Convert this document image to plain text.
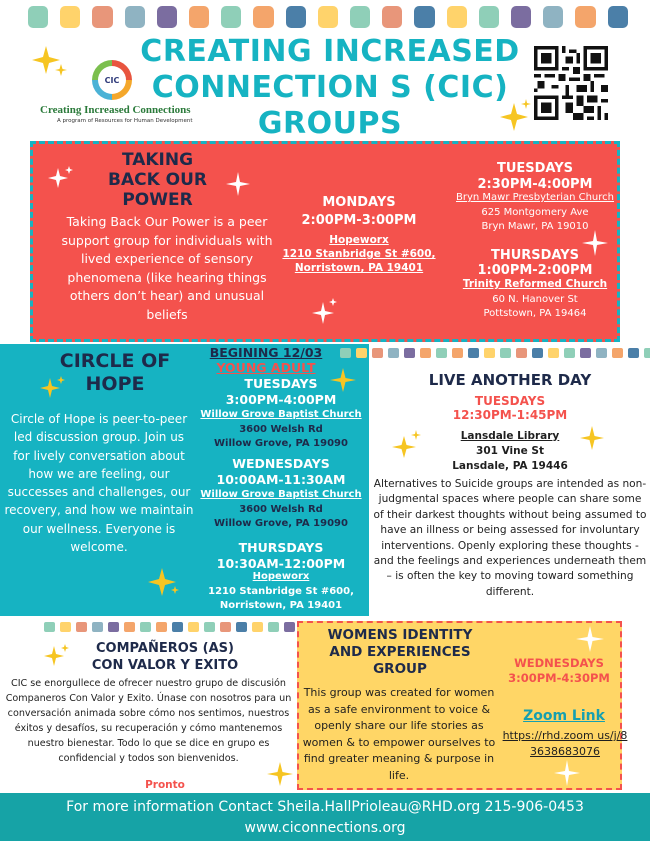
CIC
Creating Increased Connections
A program of Resources for Human Development
CREATING INCREASED
CONNECTION S (CIC)
GROUPS
TAKING
BACK OUR
POWER
Taking Back Our Power is a peer support group for individuals with lived experience of sensory phenomena (like hearing things others don’t hear) and unusual beliefs
MONDAYS
2:00PM-3:00PM
Hopeworx
1210 Stanbridge St #600, Norristown, PA 19401
TUESDAYS
2:30PM-4:00PM
Bryn Mawr Presbyterian Church
625 Montgomery Ave
Bryn Mawr, PA 19010
THURSDAYS
1:00PM-2:00PM
Trinity Reformed Church
60 N. Hanover St
Pottstown, PA 19464
CIRCLE OF
HOPE
Circle of Hope is peer-to-peer led discussion group. Join us for lively conversation about how we are feeling, our successes and challenges, our recovery, and how we maintain our wellness. Everyone is welcome.
BEGINING 12/03
YOUNG ADULT
TUESDAYS
3:00PM-4:00PM
Willow Grove Baptist Church
3600 Welsh Rd
Willow Grove, PA 19090
WEDNESDAYS
10:00AM-11:30AM
Willow Grove Baptist Church
3600 Welsh Rd
Willow Grove, PA 19090
THURSDAYS
10:30AM-12:00PM
Hopeworx
1210 Stanbridge St #600,
Norristown, PA 19401
LIVE ANOTHER DAY
TUESDAYS
12:30PM-1:45PM
Lansdale Library
301 Vine St
Lansdale, PA 19446
Alternatives to Suicide groups are intended as non-judgmental spaces where people can share some of their darkest thoughts without being assumed to have an illness or being assessed for involuntary interventions. Openly exploring these thoughts - and the feelings and experiences underneath them – is often the key to moving toward something different.
COMPAÑEROS (AS)
CON VALOR Y EXITO
CIC se enorgullece de ofrecer nuestro grupo de discusión Companeros Con Valor y Exito. Únase con nosotros para un conversación animada sobre cómo nos sentimos, nuestros éxitos y desafíos, su recuperación y cómo mantenemos nuestro bienestar. Todo lo que se dice en grupo es confidencial y todos son bienvenidos.
Pronto
WOMENS IDENTITY
AND EXPERIENCES
GROUP
This group was created for women as a safe environment to voice & openly share our life stories as women & to empower ourselves to find greater meaning & purpose in life.
WEDNESDAYS
3:00PM-4:30PM
Zoom Link
https://rhd.zoom us/j/83638683076
For more information Contact Sheila.HallPrioleau@RHD.org 215-906-0453
www.ciconnections.org
